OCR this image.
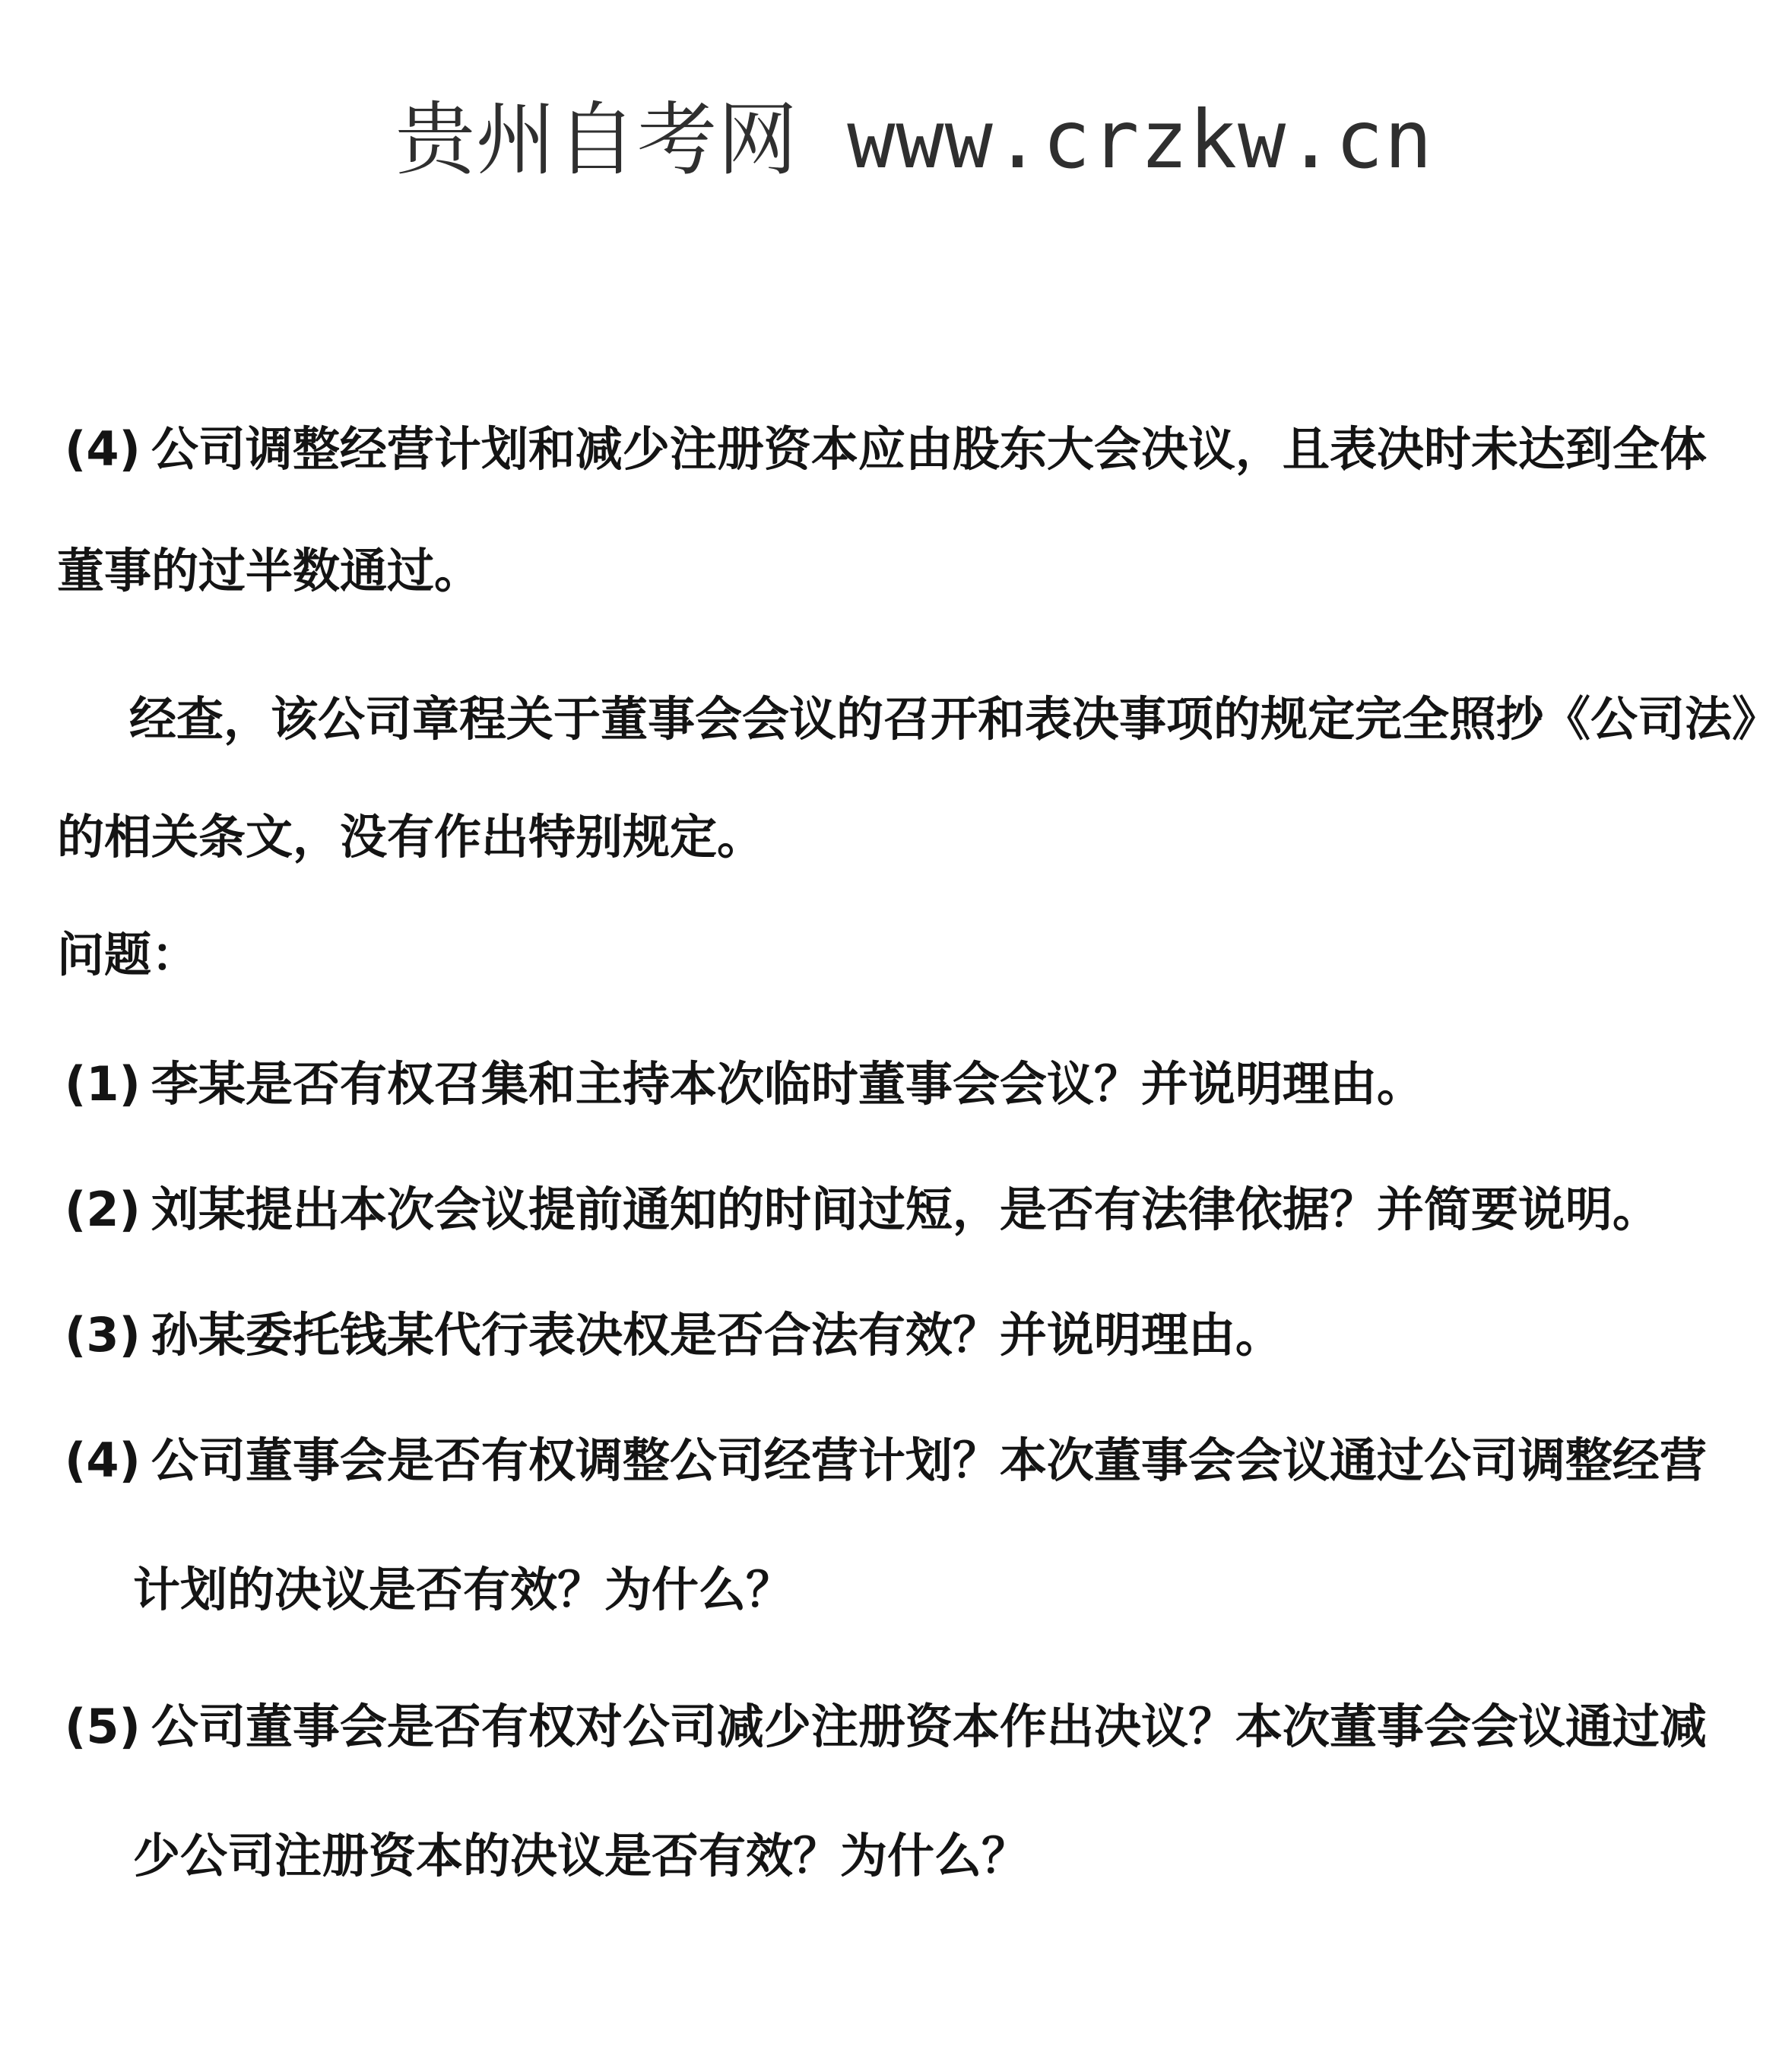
贵州自考网 www.crzkw.cn
(4) 公司调整经营计划和减少注册资本应由股东大会决议，且表决时未达到全体
董事的过半数通过。
经查，该公司章程关于董事会会议的召开和表决事项的规定完全照抄《公司法》
的相关条文，没有作出特别规定。
问题：
(1) 李某是否有权召集和主持本次临时董事会会议？并说明理由。
(2) 刘某提出本次会议提前通知的时间过短，是否有法律依据？并简要说明。
(3) 孙某委托钱某代行表决权是否合法有效？并说明理由。
(4) 公司董事会是否有权调整公司经营计划？本次董事会会议通过公司调整经营
计划的决议是否有效？为什么？
(5) 公司董事会是否有权对公司减少注册资本作出决议？本次董事会会议通过减
少公司注册资本的决议是否有效？为什么？
